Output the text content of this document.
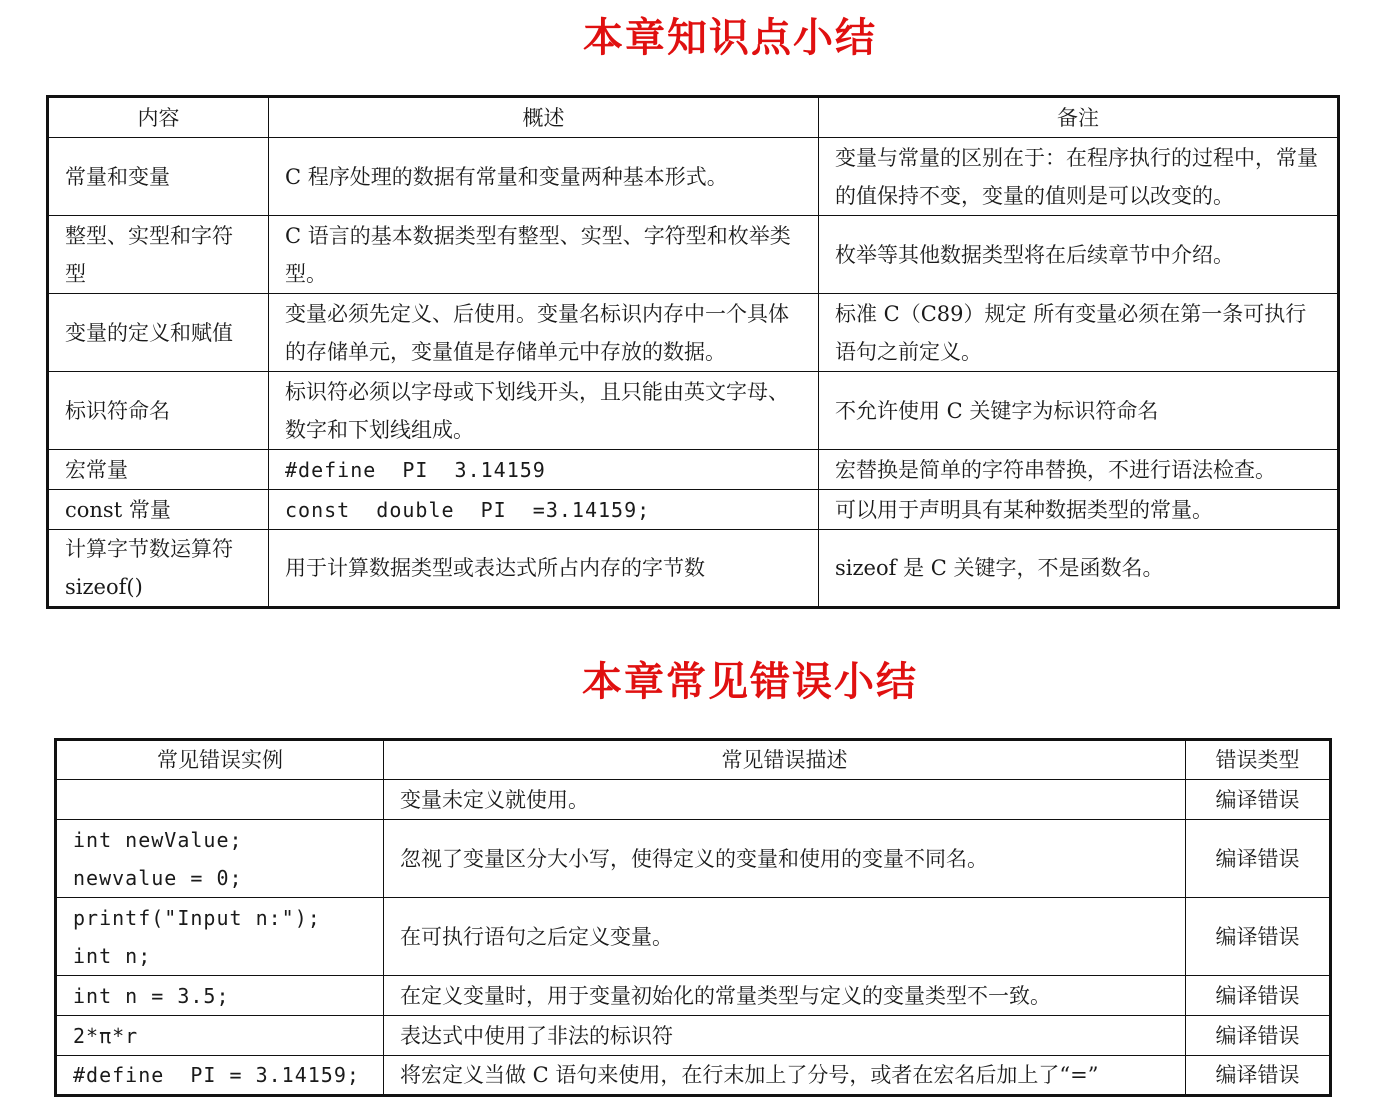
本章知识点小结
内容	概述	备注
常量和变量	C 程序处理的数据有常量和变量两种基本形式。	变量与常量的区别在于：在程序执行的过程中，常量的值保持不变，变量的值则是可以改变的。
整型、实型和字符型	C 语言的基本数据类型有整型、实型、字符型和枚举类型。	枚举等其他数据类型将在后续章节中介绍。
变量的定义和赋值	变量必须先定义、后使用。变量名标识内存中一个具体的存储单元，变量值是存储单元中存放的数据。	标准 C（C89）规定 所有变量必须在第一条可执行语句之前定义。
标识符命名	标识符必须以字母或下划线开头，且只能由英文字母、数字和下划线组成。	不允许使用 C 关键字为标识符命名
宏常量	#define  PI  3.14159	宏替换是简单的字符串替换，不进行语法检查。
const 常量	const  double  PI  =3.14159;	可以用于声明具有某种数据类型的常量。
计算字节数运算符 sizeof()	用于计算数据类型或表达式所占内存的字节数	sizeof 是 C 关键字，不是函数名。
本章常见错误小结
常见错误实例	常见错误描述	错误类型
	变量未定义就使用。	编译错误

int newValue;
newvalue = 0;	忽视了变量区分大小写，使得定义的变量和使用的变量不同名。	编译错误

printf("Input n:");
int n;	在可执行语句之后定义变量。	编译错误
int n = 3.5;	在定义变量时，用于变量初始化的常量类型与定义的变量类型不一致。	编译错误
2*π*r	表达式中使用了非法的标识符	编译错误
#define  PI = 3.14159;	将宏定义当做 C 语句来使用，在行末加上了分号，或者在宏名后加上了“=”	编译错误
